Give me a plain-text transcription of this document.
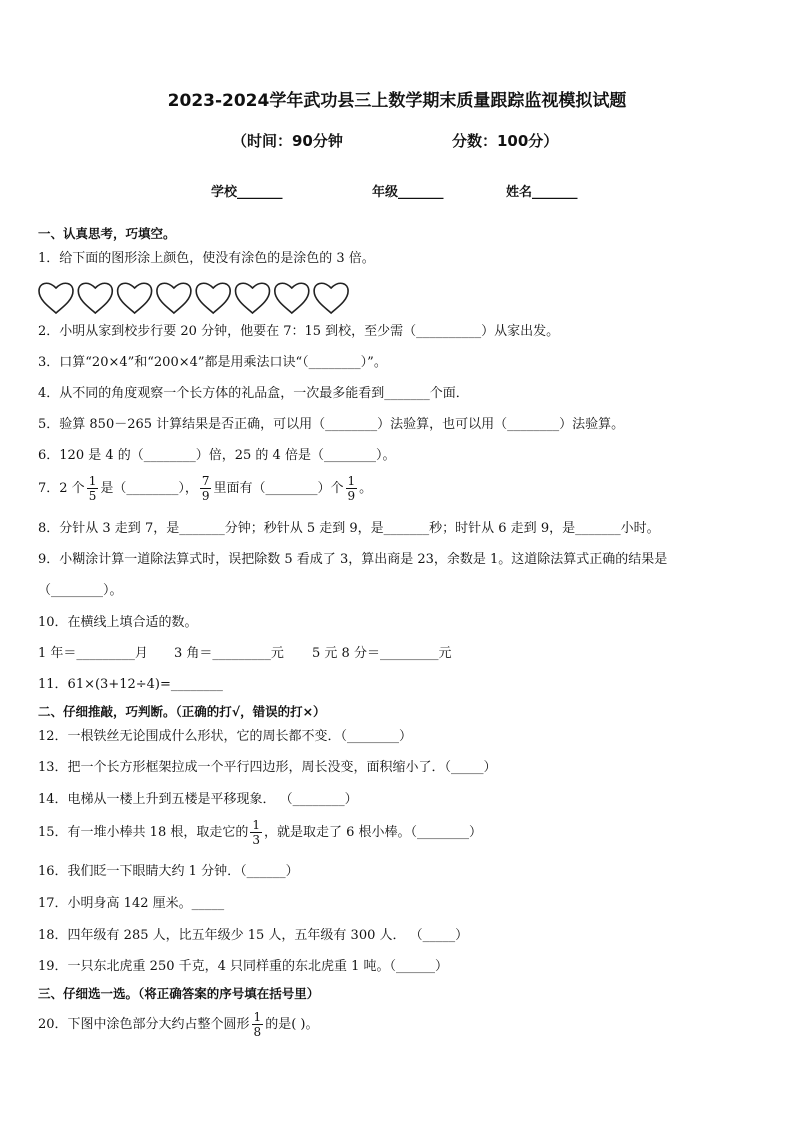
2023-2024学年武功县三上数学期末质量跟踪监视模拟试题
（时间：90分钟	分数：100分）
学校_______	年级_______	姓名_______
一、认真思考，巧填空。
1．给下面的图形涂上颜色，使没有涂色的是涂色的 3 倍。
2．小明从家到校步行要 20 分钟，他要在 7：15 到校，至少需（__________）从家出发。
3．口算“20×4”和“200×4”都是用乘法口诀“（________）”。
4．从不同的角度观察一个长方体的礼品盒，一次最多能看到_______个面．
5．验算 850－265 计算结果是否正确，可以用（________）法验算，也可以用（________）法验算。
6．120 是 4 的（________）倍，25 的 4 倍是（________）。
7．2 个 $\frac{1}{5}$ 是（________）， $\frac{7}{9}$ 里面有（________）个 $\frac{1}{9}$ 。
8．分针从 3 走到 7，是_______分钟；秒针从 5 走到 9，是_______秒；时针从 6 走到 9，是_______小时。
9．小糊涂计算一道除法算式时，误把除数 5 看成了 3，算出商是 23，余数是 1。这道除法算式正确的结果是
（________）。
10．在横线上填合适的数。
1 年＝_________月 3 角＝_________元 5 元 8 分＝_________元
11．61×(3+12÷4)=________
二、仔细推敲，巧判断。（正确的打√，错误的打×）
12．一根铁丝无论围成什么形状，它的周长都不变．（________）
13．把一个长方形框架拉成一个平行四边形，周长没变，面积缩小了．（_____）
14．电梯从一楼上升到五楼是平移现象． （________）
15．有一堆小棒共 18 根，取走它的 $\frac{1}{3}$ ，就是取走了 6 根小棒。（________）
16．我们眨一下眼睛大约 1 分钟．（______）
17．小明身高 142 厘米。_____
18．四年级有 285 人，比五年级少 15 人，五年级有 300 人． （_____）
19．一只东北虎重 250 千克，4 只同样重的东北虎重 1 吨。（______）
三、仔细选一选。（将正确答案的序号填在括号里）
20．下图中涂色部分大约占整个圆形 $\frac{1}{8}$ 的是( )。
